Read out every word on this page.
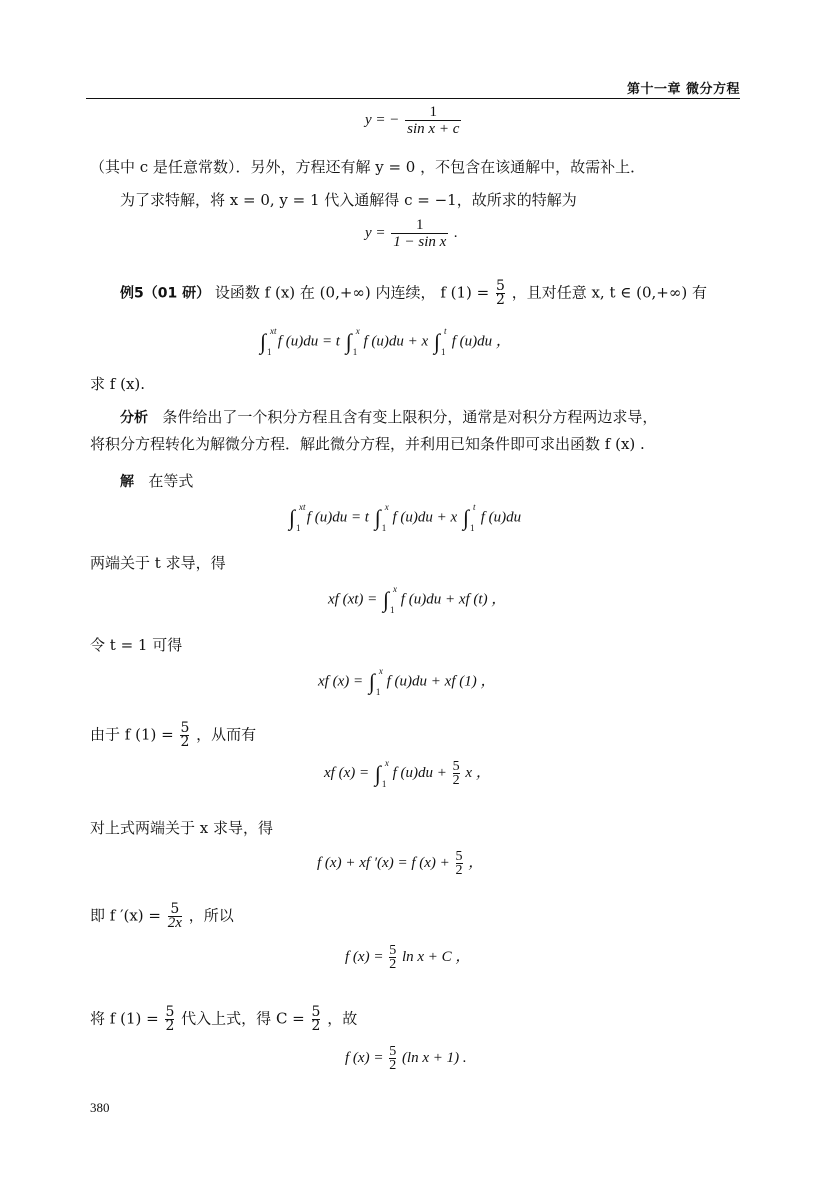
第十一章 微分方程
y = − $\frac{1}{\text{sin x + c}}$
（其中 c 是任意常数）．另外，方程还有解 y = 0 ，不包含在该通解中，故需补上．
为了求特解，将 x = 0, y = 1 代入通解得 c = −1，故所求的特解为
$y = \frac{1}{\text{1 − sin x}}$ .
例5（01 研） 设函数 f (x) 在 (0,+∞) 内连续， f $(1) = \frac{5}{2}$ ，且对任意 x, t ∈ (0,+∞) 有
∫ xt
1
f (u)du = t ∫ x
1
f (u)du + x ∫ t
1
f (u)du ，
求 f (x).
分析 条件给出了一个积分方程且含有变上限积分，通常是对积分方程两边求导，
将积分方程转化为解微分方程．解此微分方程，并利用已知条件即可求出函数 f (x) .
解 在等式
∫ xt
1
f (u)du = t ∫ x
1
f (u)du + x ∫ t
1
f (u)du
两端关于 t 求导，得
xf (xt) = ∫ x
1
f (u)du + xf (t) ，
令 t = 1 可得
xf (x) = ∫ x
1
f (u)du + xf (1) ，
由于 f $(1) = \frac{5}{2}$ ，从而有
xf (x) = ∫ x
1
f $(u)du + \frac{5}{2}$ x ，
对上式两端关于 x 求导，得
f (x) + xf ′(x) = f $(x) + \frac{5}{2}$ ，
即 f $'(x) = \frac{5}{2x}$ ，所以
f $(x) = \frac{5}{2}$ ln x + C ，
将 f $(1) = \frac{5}{2}$ 代入上式，得 $C = \frac{5}{2}$ ，故
f $(x) = \frac{5}{2} (\ln$ x + 1) .
380
